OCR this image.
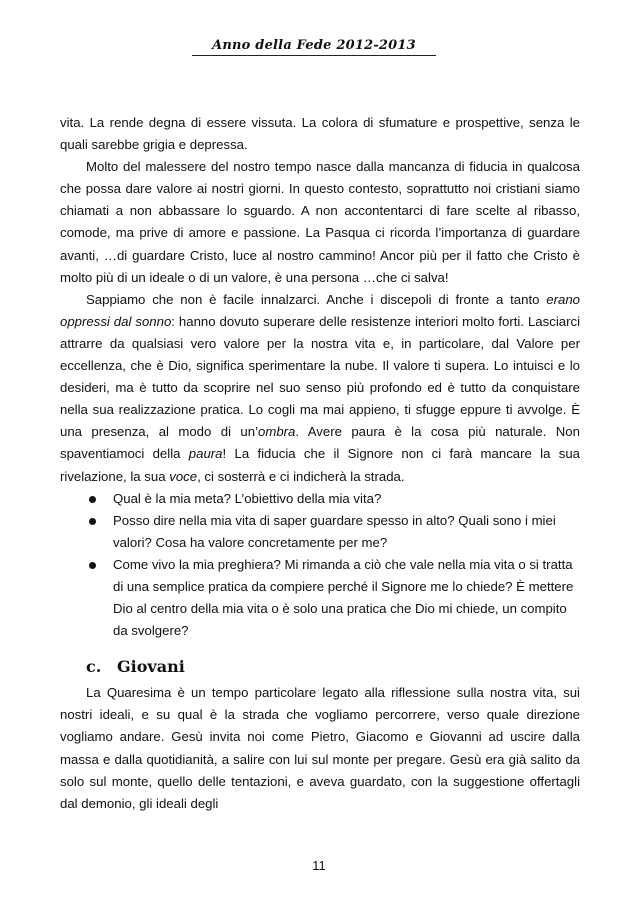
Anno della Fede 2012-2013

vita. La rende degna di essere vissuta. La colora di sfumature e prospettive, senza le quali sarebbe grigia e depressa.

Molto del malessere del nostro tempo nasce dalla mancanza di fiducia in qualcosa che possa dare valore ai nostri giorni. In questo contesto, soprattutto noi cristiani siamo chiamati a non abbassare lo sguardo. A non accontentarci di fare scelte al ribasso, comode, ma prive di amore e passione. La Pasqua ci ricorda l’importanza di guardare avanti, …di guardare Cristo, luce al nostro cammino! Ancor più per il fatto che Cristo è molto più di un ideale o di un valore, è una persona …che ci salva!

Sappiamo che non è facile innalzarci. Anche i discepoli di fronte a tanto erano oppressi dal sonno: hanno dovuto superare delle resistenze interiori molto forti. Lasciarci attrarre da qualsiasi vero valore per la nostra vita e, in particolare, dal Valore per eccellenza, che è Dio, significa sperimentare la nube. Il valore ti supera. Lo intuisci e lo desideri, ma è tutto da scoprire nel suo senso più profondo ed è tutto da conquistare nella sua realizzazione pratica. Lo cogli ma mai appieno, ti sfugge eppure ti avvolge. È una presenza, al modo di un’ombra. Avere paura è la cosa più naturale. Non spaventiamoci della paura! La fiducia che il Signore non ci farà mancare la sua rivelazione, la sua voce, ci sosterrà e ci indicherà la strada.

Qual è la mia meta? L’obiettivo della mia vita?
Posso dire nella mia vita di saper guardare spesso in alto? Quali sono i miei valori? Cosa ha valore concretamente per me?
Come vivo la mia preghiera? Mi rimanda a ciò che vale nella mia vita o si tratta di una semplice pratica da compiere perché il Signore me lo chiede? È mettere Dio al centro della mia vita o è solo una pratica che Dio mi chiede, un compito da svolgere?
c. Giovani

La Quaresima è un tempo particolare legato alla riflessione sulla nostra vita, sui nostri ideali, e su qual è la strada che vogliamo percorrere, verso quale direzione vogliamo andare. Gesù invita noi come Pietro, Giacomo e Giovanni ad uscire dalla massa e dalla quotidianità, a salire con lui sul monte per pregare. Gesù era già salito da solo sul monte, quello delle tentazioni, e aveva guardato, con la suggestione offertagli dal demonio, gli ideali degli

11
